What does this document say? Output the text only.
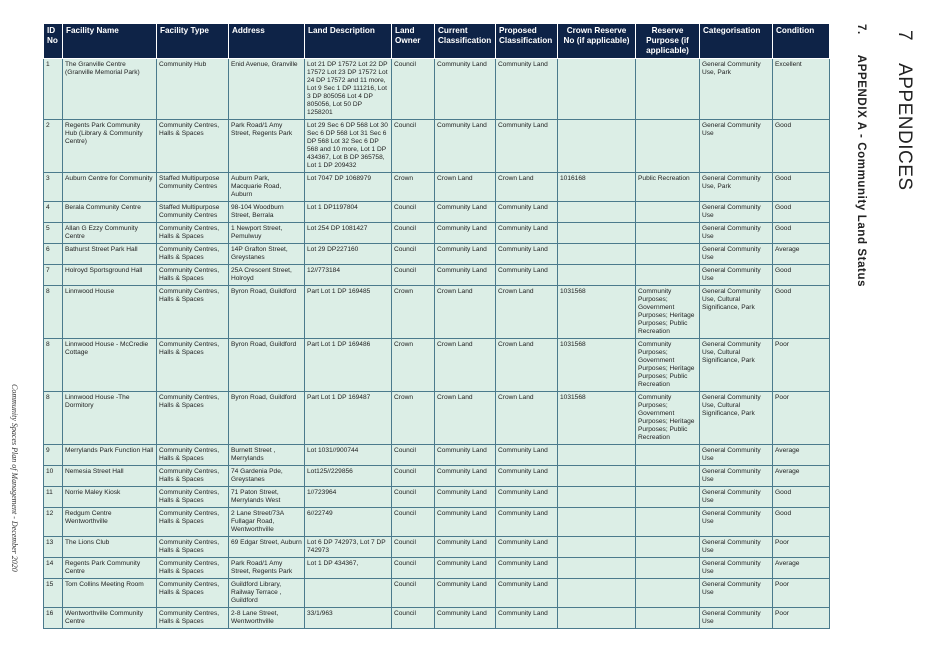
ID No	Facility Name	Facility Type	Address	Land Description	Land Owner	Current Classification	Proposed Classification	Crown Reserve No (if applicable)	Reserve Purpose (if applicable)	Categorisation	Condition
1	The Granville Centre (Granville Memorial Park)	Community Hub	Enid Avenue, Granville	Lot 21 DP 17572 Lot 22 DP 17572 Lot 23 DP 17572 Lot 24 DP 17572 and 11 more, Lot 9 Sec 1 DP 111216, Lot 3 DP 805056 Lot 4 DP 805056, Lot 50 DP 1258201	Council	Community Land	Community Land			General Community Use, Park	Excellent
2	Regents Park Community Hub (Library & Community Centre)	Community Centres, Halls & Spaces	Park Road/1 Amy Street, Regents Park	Lot 29 Sec 6 DP 568 Lot 30 Sec 6 DP 568 Lot 31 Sec 6 DP 568 Lot 32 Sec 6 DP 568 and 10 more, Lot 1 DP 434367, Lot B DP 365758, Lot 1 DP 209432	Council	Community Land	Community Land			General Community Use	Good
3	Auburn Centre for Community	Staffed Multipurpose Community Centres	Auburn Park, Macquarie Road, Auburn	Lot 7047 DP 1068979	Crown	Crown Land	Crown Land	1016168	Public Recreation	General Community Use, Park	Good
4	Berala Community Centre	Staffed Multipurpose Community Centres	98-104 Woodburn Street, Berrala	Lot 1 DP1197804	Council	Community Land	Community Land			General Community Use	Good
5	Allan G Ezzy Community Centre	Community Centres, Halls & Spaces	1 Newport Street, Pemulwuy	Lot 254 DP 1081427	Council	Community Land	Community Land			General Community Use	Good
6	Bathurst Street Park Hall	Community Centres, Halls & Spaces	14P Grafton Street, Greystanes	Lot 29 DP227160	Council	Community Land	Community Land			General Community Use	Average
7	Holroyd Sportsground Hall	Community Centres, Halls & Spaces	25A Crescent Street, Holroyd	12//773184	Council	Community Land	Community Land			General Community Use	Good
8	Linnwood House	Community Centres, Halls & Spaces	Byron Road, Guildford	Part Lot 1 DP 169485	Crown	Crown Land	Crown Land	1031568	Community Purposes; Government Purposes; Heritage Purposes; Public Recreation	General Community Use, Cultural Significance, Park	Good
8	Linnwood House - McCredie Cottage	Community Centres, Halls & Spaces	Byron Road, Guildford	Part Lot 1 DP 169486	Crown	Crown Land	Crown Land	1031568	Community Purposes; Government Purposes; Heritage Purposes; Public Recreation	General Community Use, Cultural Significance, Park	Poor
8	Linnwood House -The Dormitory	Community Centres, Halls & Spaces	Byron Road, Guildford	Part Lot 1 DP 169487	Crown	Crown Land	Crown Land	1031568	Community Purposes; Government Purposes; Heritage Purposes; Public Recreation	General Community Use, Cultural Significance, Park	Poor
9	Merrylands Park Function Hall	Community Centres, Halls & Spaces	Burnett Street , Merrylands	Lot 1031//900744	Council	Community Land	Community Land			General Community Use	Average
10	Nemesia Street Hall	Community Centres, Halls & Spaces	74 Gardenia Pde, Greystanes	Lot125//229856	Council	Community Land	Community Land			General Community Use	Average
11	Norrie Maley Kiosk	Community Centres, Halls & Spaces	71 Paton Street, Merrylands West	1//723964	Council	Community Land	Community Land			General Community Use	Good
12	Redgum Centre Wentworthville	Community Centres, Halls & Spaces	2 Lane Street/73A Fullagar Road, Wentworthville	6//22749	Council	Community Land	Community Land			General Community Use	Good
13	The Lions Club	Community Centres, Halls & Spaces	69 Edgar Street, Auburn	Lot 6 DP 742973, Lot 7 DP 742973	Council	Community Land	Community Land			General Community Use	Poor
14	Regents Park Community Centre	Community Centres, Halls & Spaces	Park Road/1 Amy Street, Regents Park	Lot 1 DP 434367,	Council	Community Land	Community Land			General Community Use	Average
15	Tom Collins Meeting Room	Community Centres, Halls & Spaces	Guildford Library, Railway Terrace , Guildford		Council	Community Land	Community Land			General Community Use	Poor
16	Wentworthville Community Centre	Community Centres, Halls & Spaces	2-8 Lane Street, Wentworthville	33/1/963	Council	Community Land	Community Land			General Community Use	Poor
7APPENDICES
7.APPENDIX A - Community Land Status
Community Spaces Plan of Management - December 2020
